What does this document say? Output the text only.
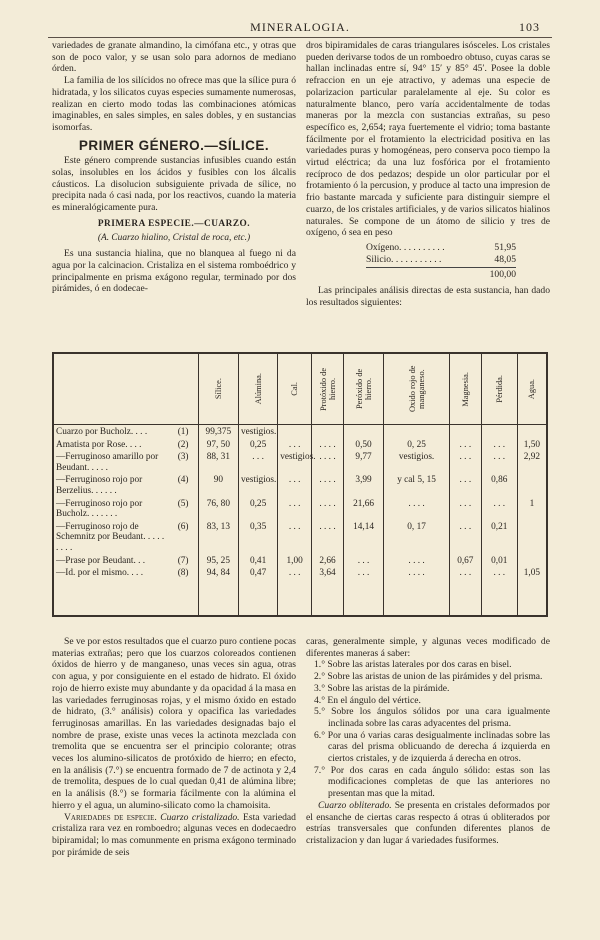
MINERALOGIA.	103

variedades de granate almandino, la cimófana etc., y otras que son de poco valor, y se usan solo para adornos de mediano órden.

La familia de los silícidos no ofrece mas que la sílice pura ó hidratada, y los silicatos cuyas especies sumamente numerosas, realizan en cierto modo todas las combinaciones atómicas imaginables, en sales simples, en sales dobles, y en sustancias isomorfas.

PRIMER GÉNERO.—SÍLICE.

Este género comprende sustancias infusibles cuando están solas, insolubles en los ácidos y fusibles con los álcalis cáusticos. La disolucion subsiguiente privada de sílice, no precipita nada ó casi nada, por los reactivos, cuando la materia es mineralógicamente pura.

PRIMERA ESPECIE.—CUARZO.
(A. Cuarzo hialino, Cristal de roca, etc.)

Es una sustancia hialina, que no blanquea al fuego ni da agua por la calcinacion. Cristaliza en el sistema romboédrico y principalmente en prisma exágono regular, terminado por dos pirámides, ó en dodecae-

dros bipiramidales de caras triangulares isósceles. Los cristales pueden derivarse todos de un romboedro obtuso, cuyas caras se hallan inclinadas entre sí, 94° 15′ y 85° 45′. Posee la doble refraccion en un eje atractivo, y ademas una especie de polarizacion particular paralelamente al eje. Su color es naturalmente blanco, pero varía accidentalmente de todas maneras por la mezcla con sustancias extrañas, su peso específico es, 2,654; raya fuertemente el vidrio; toma bastante fácilmente por el frotamiento la electricidad positiva en las variedades puras y homogéneas, pero conserva poco tiempo la virtud eléctrica; da una luz fosfórica por el frotamiento recíproco de dos pedazos; despide un olor particular por el frotamiento ó la percusion, y produce al tacto una impresion de frio bastante marcada y suficiente para distinguir siempre el cuarzo, de los cristales artificiales, y de varios silicatos hialinos naturales. Se compone de un átomo de silicio y tres de oxígeno, ó sea en peso

Oxígeno. . . . . . . . . .	51,95
Silicio. . . . . . . . . . .	48,05
100,00

Las principales análisis directas de esta sustancia, han dado los resultados siguientes:

		Sílice.	Alúmina.	Cal.	Protóxido de hierro.	Peróxido de hierro.	Oxido rojo de manganeso.	Magnesia.	Pérdida.	Agua.

Cuarzo por Bucholz. . . .	(1)	99,375	vestigios.							
Amatista por Rose. . . .	(2)	97, 50	0,25	. . .	. . . .	0,50	0, 25	. . .	. . .	1,50
—Ferruginoso amarillo por Beudant. . . . .	(3)	88, 31	. . .	vestigios.	. . . .	9,77	vestigios.	. . .	. . .	2,92
—Ferruginoso rojo por Berzelius. . . . . .	(4)	90	vestigios.	. . .	. . . .	3,99	y cal 5, 15	. . .	0,86	
—Ferruginoso rojo por Bucholz. . . . . . .	(5)	76, 80	0,25	. . .	. . . .	21,66	. . . .	. . .	. . .	1
—Ferruginoso rojo de Schemnitz por Beudant. . . . . . . . .	(6)	83, 13	0,35	. . .	. . . .	14,14	0, 17	. . .	0,21	
—Prase por Beudant. . .	(7)	95, 25	0,41	1,00	2,66	. . .	. . . .	0,67	0,01	
—Id. por el mismo. . . .	(8)	94, 84	0,47	. . .	3,64	. . .	. . . .	. . .	. . .	1,05

Se ve por estos resultados que el cuarzo puro contiene pocas materias extrañas; pero que los cuarzos coloreados contienen óxidos de hierro y de manganeso, unas veces sin agua, otras con agua, y por consiguiente en el estado de hidrato. El óxido rojo de hierro existe muy abundante y da opacidad á la masa en las variedades ferruginosas rojas, y el mismo óxido en estado de hidrato, (3.° análisis) colora y opacifica las variedades ferruginosas amarillas. En las variedades designadas bajo el nombre de prase, existe unas veces la actinota mezclada con tremolita que se encuentra ser el principio colorante; otras veces los alumino-silicatos de protóxido de hierro; en efecto, en la análisis (7.°) se encuentra formado de 7 de actinota y 2,4 de tremolita, despues de lo cual quedan 0,41 de alúmina libre; en la análisis (8.°) se formaria fácilmente con la alúmina el hierro y el agua, un alumino-silicato como la chamoisita.

Variedades de especie. Cuarzo cristalizado. Esta variedad cristaliza rara vez en romboedro; algunas veces en dodecaedro bipiramidal; lo mas comunmente en prisma exágono terminado por pirámide de seis

caras, generalmente simple, y algunas veces modificado de diferentes maneras á saber:

1.° Sobre las aristas laterales por dos caras en bisel.

2.° Sobre las aristas de union de las pirámides y del prisma.

3.° Sobre las aristas de la pirámide.

4.° En el ángulo del vértice.

5.° Sobre los ángulos sólidos por una cara igualmente inclinada sobre las caras adyacentes del prisma.

6.° Por una ó varias caras desigualmente inclinadas sobre las caras del prisma oblicuando de derecha á izquierda en ciertos cristales, y de izquierda á derecha en otros.

7.° Por dos caras en cada ángulo sólido: estas son las modificaciones completas de que las anteriores no presentan mas que la mitad.

Cuarzo obliterado. Se presenta en cristales deformados por el ensanche de ciertas caras respecto á otras ú obliterados por estrías transversales que confunden diferentes planos de cristalizacion y dan lugar á variedades fusiformes.
